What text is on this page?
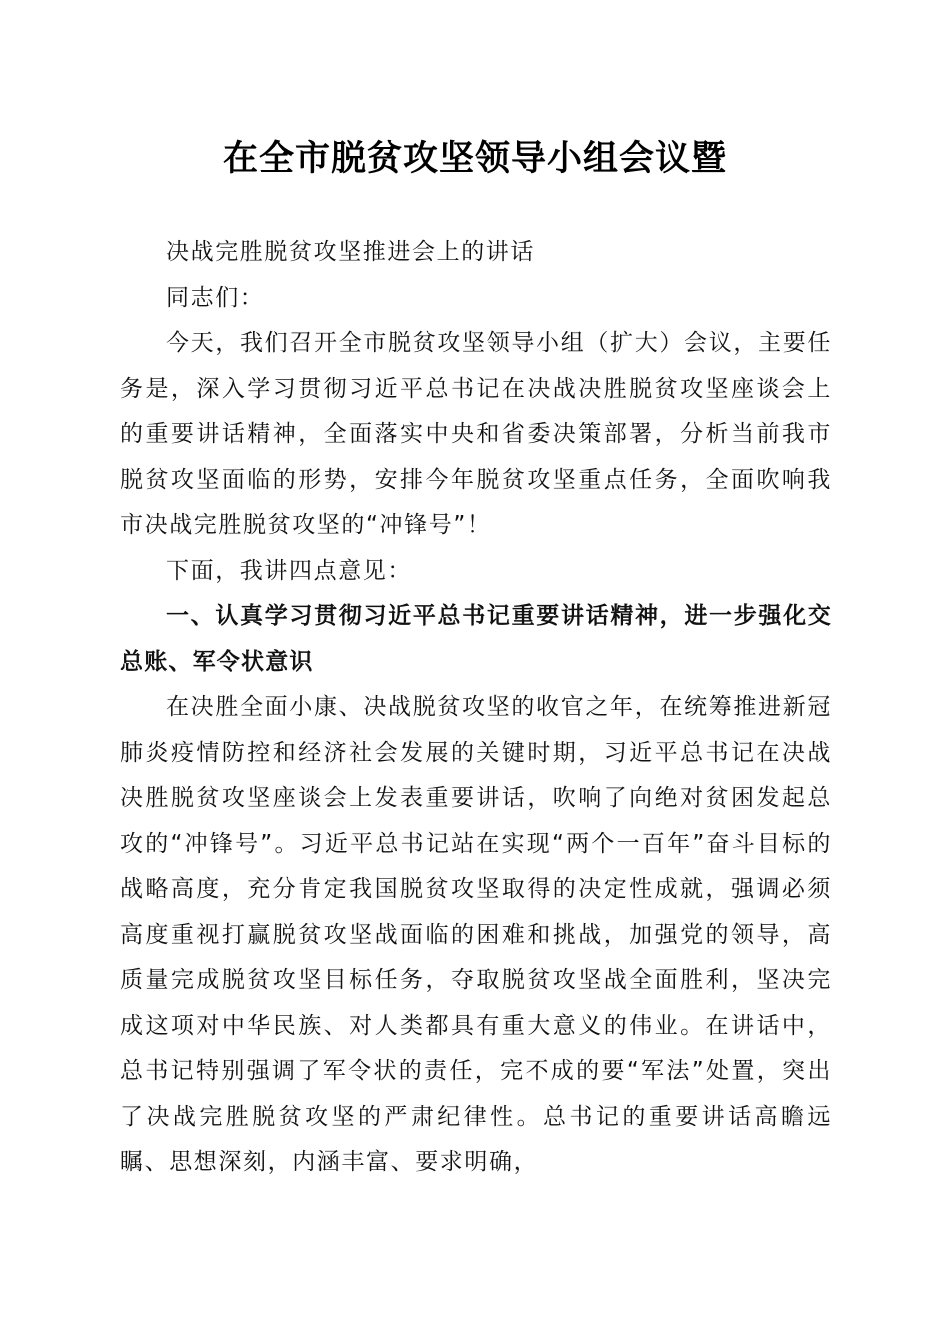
在全市脱贫攻坚领导小组会议暨

决战完胜脱贫攻坚推进会上的讲话

同志们：

今天，我们召开全市脱贫攻坚领导小组（扩大）会议，主要任务是，深入学习贯彻习近平总书记在决战决胜脱贫攻坚座谈会上的重要讲话精神，全面落实中央和省委决策部署，分析当前我市脱贫攻坚面临的形势，安排今年脱贫攻坚重点任务，全面吹响我市决战完胜脱贫攻坚的“冲锋号”！

下面，我讲四点意见：

一、认真学习贯彻习近平总书记重要讲话精神，进一步强化交总账、军令状意识

在决胜全面小康、决战脱贫攻坚的收官之年，在统筹推进新冠肺炎疫情防控和经济社会发展的关键时期，习近平总书记在决战决胜脱贫攻坚座谈会上发表重要讲话，吹响了向绝对贫困发起总攻的“冲锋号”。习近平总书记站在实现“两个一百年”奋斗目标的战略高度，充分肯定我国脱贫攻坚取得的决定性成就，强调必须高度重视打赢脱贫攻坚战面临的困难和挑战，加强党的领导，高质量完成脱贫攻坚目标任务，夺取脱贫攻坚战全面胜利，坚决完成这项对中华民族、对人类都具有重大意义的伟业。在讲话中，总书记特别强调了军令状的责任，完不成的要“军法”处置，突出了决战完胜脱贫攻坚的严肃纪律性。总书记的重要讲话高瞻远瞩、思想深刻，内涵丰富、要求明确，
